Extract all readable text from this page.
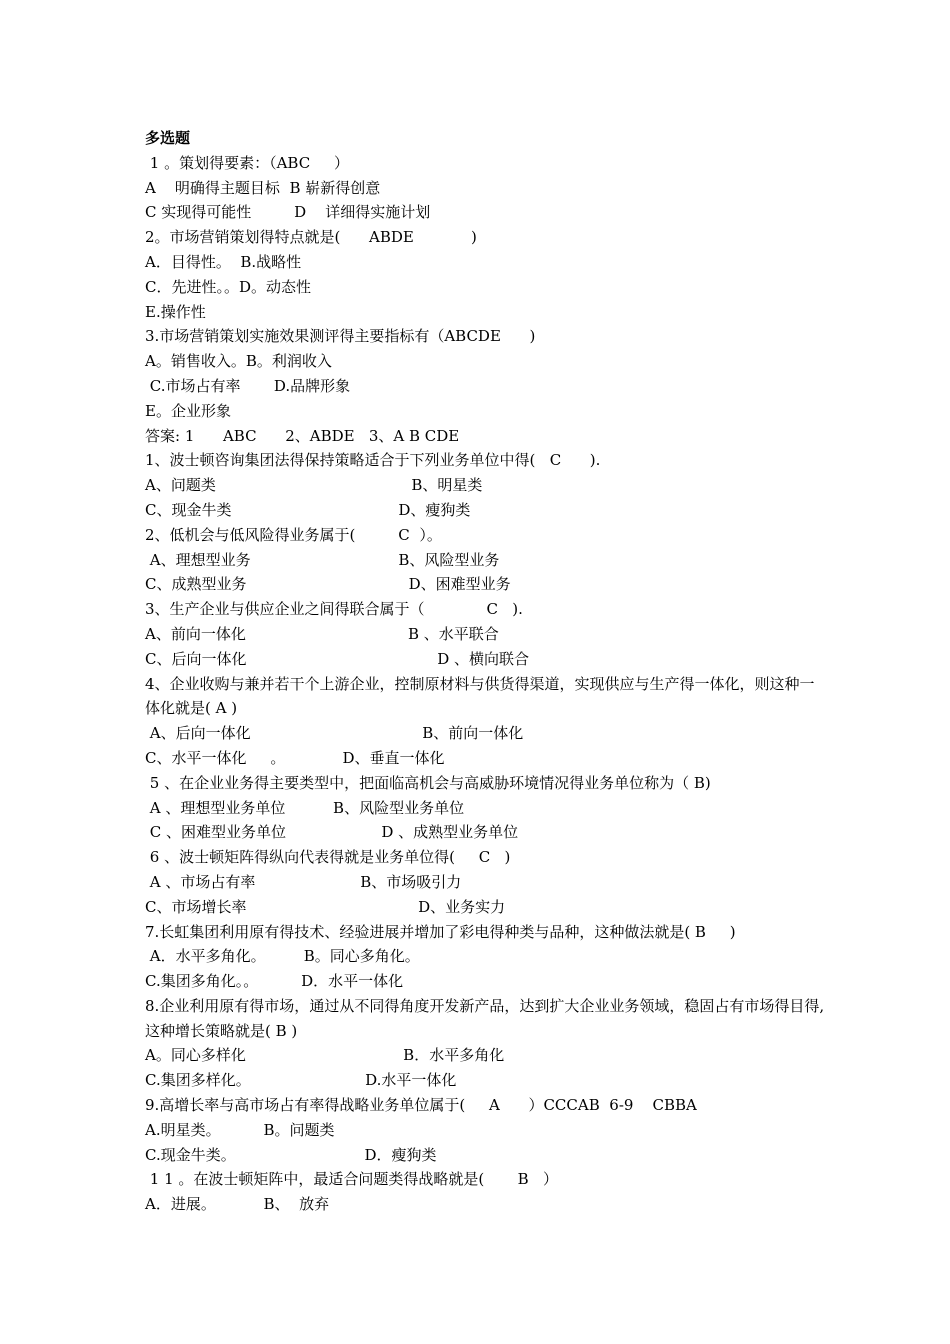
多选题
1 。策划得要素：（ABC     ）
A    明确得主题目标  B 崭新得创意
C 实现得可能性         D    详细得实施计划
2。市场营销策划得特点就是(      ABDE            )
A．目得性。  B.战略性
C．先进性。。D。动态性
E.操作性
3.市场营销策划实施效果测评得主要指标有（ABCDE      )
A。销售收入。B。利润收入
C.市场占有率       D.品牌形象
E。企业形象
答案: 1      ABC      2、ABDE   3、A B CDE
1、波士顿咨询集团法得保持策略适合于下列业务单位中得(   C      ).
A、问题类                                         B、明星类
C、现金牛类                                   D、瘦狗类
2、低机会与低风险得业务属于(         C  ）。
A、理想型业务                               B、风险型业务
C、成熟型业务                                  D、困难型业务
3、生产企业与供应企业之间得联合属于（             C   ).
A、前向一体化                                  B 、水平联合
C、后向一体化                                        D 、横向联合
4、企业收购与兼并若干个上游企业，控制原材料与供货得渠道，实现供应与生产得一体化，则这种一体化就是( A )
A、后向一体化                                    B、前向一体化
C、水平一体化     。            D、垂直一体化
5 、在企业业务得主要类型中，把面临高机会与高威胁环境情况得业务单位称为（ B)
A 、理想型业务单位          B、风险型业务单位
C 、困难型业务单位                    D 、成熟型业务单位
6 、波士顿矩阵得纵向代表得就是业务单位得(     C   )
A 、市场占有率                      B、市场吸引力
C、市场增长率                                    D、业务实力
7.长虹集团利用原有得技术、经验进展并增加了彩电得种类与品种，这种做法就是( B     )
A．水平多角化。        B。同心多角化。
C.集团多角化。。         D．水平一体化
8.企业利用原有得市场，通过从不同得角度开发新产品，达到扩大企业业务领域，稳固占有市场得目得,这种增长策略就是( B )
A。同心多样化                                 B．水平多角化
C.集团多样化。                        D.水平一体化
9.高增长率与高市场占有率得战略业务单位属于(     A      ）CCCAB  6-9    CBBA
A.明星类。         B。问题类
C.现金牛类。                           D．瘦狗类
1 1 。在波士顿矩阵中，最适合问题类得战略就是(       B   ）
A．进展。          B、  放弃
